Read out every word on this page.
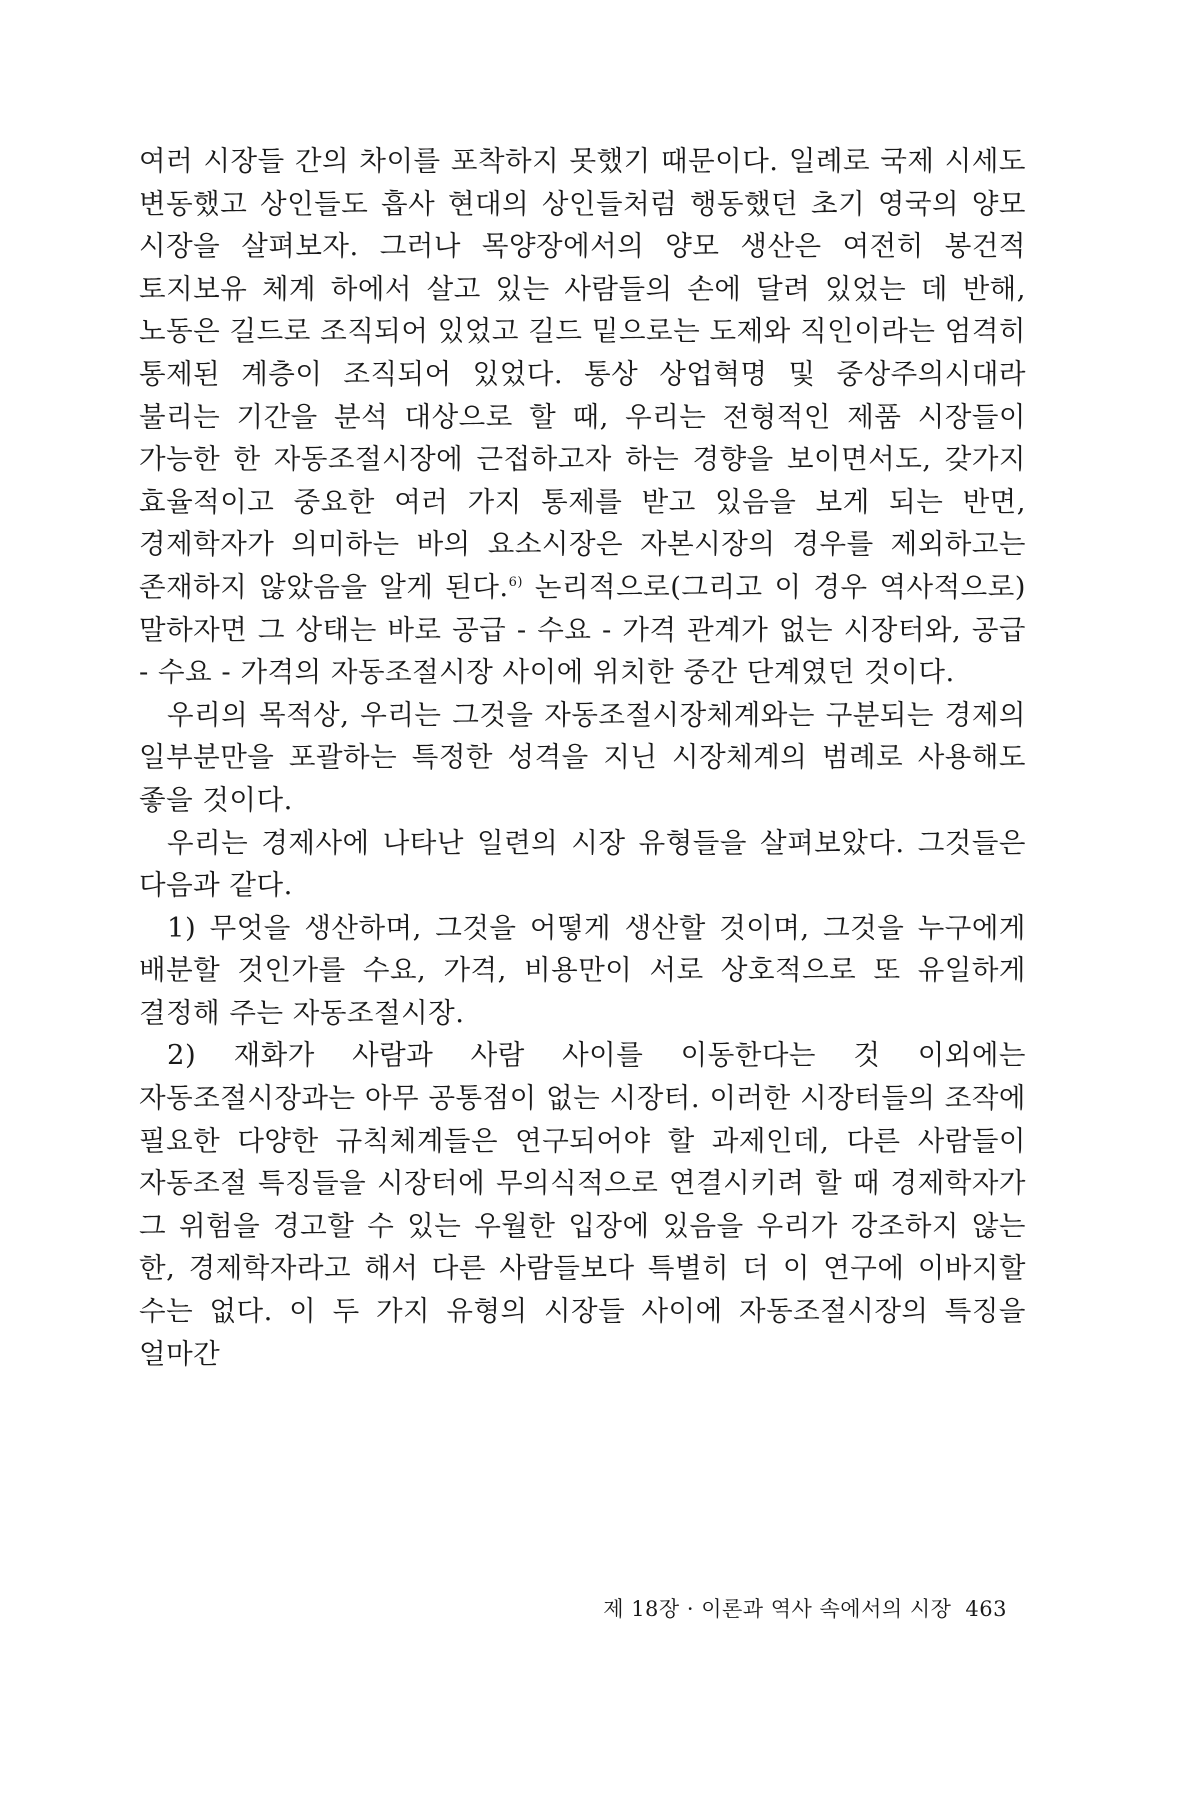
여러 시장들 간의 차이를 포착하지 못했기 때문이다. 일례로 국제 시세도 변동했고 상인들도 흡사 현대의 상인들처럼 행동했던 초기 영국의 양모 시장을 살펴보자. 그러나 목양장에서의 양모 생산은 여전히 봉건적 토지보유 체계 하에서 살고 있는 사람들의 손에 달려 있었는 데 반해, 노동은 길드로 조직되어 있었고 길드 밑으로는 도제와 직인이라는 엄격히 통제된 계층이 조직되어 있었다. 통상 상업혁명 및 중상주의시대라 불리는 기간을 분석 대상으로 할 때, 우리는 전형적인 제품 시장들이 가능한 한 자동조절시장에 근접하고자 하는 경향을 보이면서도, 갖가지 효율적이고 중요한 여러 가지 통제를 받고 있음을 보게 되는 반면, 경제학자가 의미하는 바의 요소시장은 자본시장의 경우를 제외하고는 존재하지 않았음을 알게 된다.$^{6)}$ 논리적으로(그리고 이 경우 역사적으로) 말하자면 그 상태는 바로 공급 - 수요 - 가격 관계가 없는 시장터와, 공급 - 수요 - 가격의 자동조절시장 사이에 위치한 중간 단계였던 것이다.

우리의 목적상, 우리는 그것을 자동조절시장체계와는 구분되는 경제의 일부분만을 포괄하는 특정한 성격을 지닌 시장체계의 범례로 사용해도 좋을 것이다.

우리는 경제사에 나타난 일련의 시장 유형들을 살펴보았다. 그것들은 다음과 같다.

1) 무엇을 생산하며, 그것을 어떻게 생산할 것이며, 그것을 누구에게 배분할 것인가를 수요, 가격, 비용만이 서로 상호적으로 또 유일하게 결정해 주는 자동조절시장.

2) 재화가 사람과 사람 사이를 이동한다는 것 이외에는 자동조절시장과는 아무 공통점이 없는 시장터. 이러한 시장터들의 조작에 필요한 다양한 규칙체계들은 연구되어야 할 과제인데, 다른 사람들이 자동조절 특징들을 시장터에 무의식적으로 연결시키려 할 때 경제학자가 그 위험을 경고할 수 있는 우월한 입장에 있음을 우리가 강조하지 않는 한, 경제학자라고 해서 다른 사람들보다 특별히 더 이 연구에 이바지할 수는 없다. 이 두 가지 유형의 시장들 사이에 자동조절시장의 특징을 얼마간

제 18장 · 이론과 역사 속에서의 시장 463
